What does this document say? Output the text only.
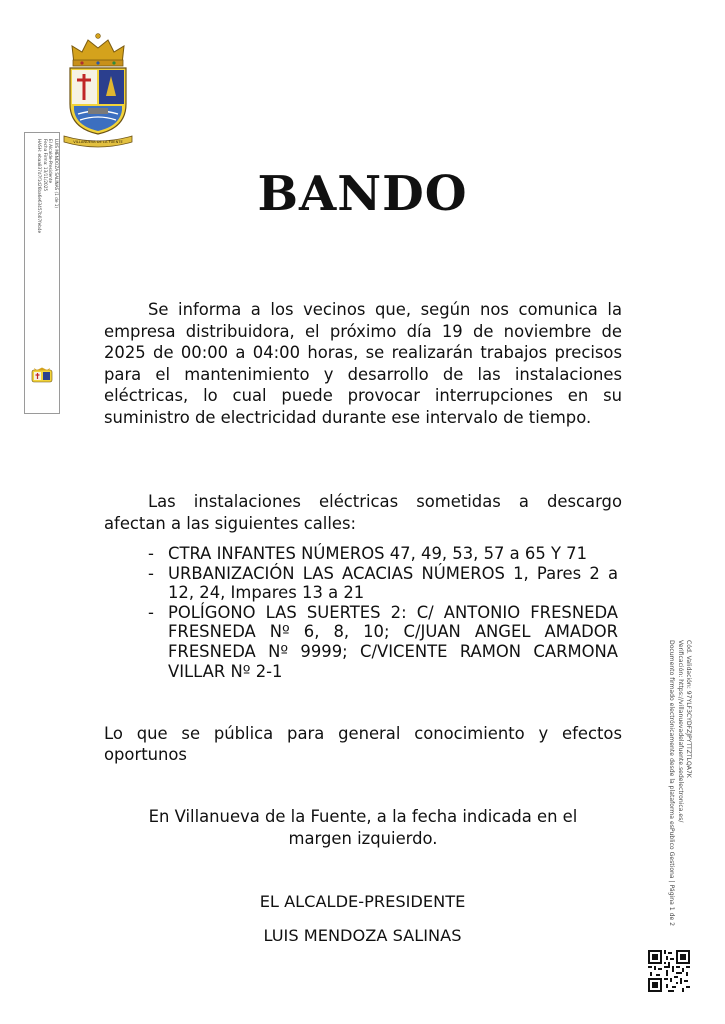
VILLANUEVA DE LA FUENTE
LUIS MENDOZA SALINAS (1 de 1)
El Alcalde-Presidente
Fecha Firma: 13/11/2025
HASH: ebaa837d7f1d26ba6e63457b07feb4e	BANDO
Se informa a los vecinos que, según nos comunica la empresa distribuidora, el próximo día 19 de noviembre de 2025 de 00:00 a 04:00 horas, se realizarán trabajos precisos para el mantenimiento y desarrollo de las instalaciones eléctricas, lo cual puede provocar interrupciones en su suministro de electricidad durante ese intervalo de tiempo.
Las instalaciones eléctricas sometidas a descargo afectan a las siguientes calles:
- CTRA INFANTES NÚMEROS 47, 49, 53, 57 a 65 Y 71
- URBANIZACIÓN LAS ACACIAS NÚMEROS 1, Pares 2 a 12, 24, Impares 13 a 21
- POLÍGONO LAS SUERTES 2: C/ ANTONIO FRESNEDA FRESNEDA Nº 6, 8, 10; C/JUAN ANGEL AMADOR FRESNEDA Nº 9999; C/VICENTE RAMON CARMONA VILLAR Nº 2-1
Lo que se pública para general conocimiento y efectos oportunos
En Villanueva de la Fuente, a la fecha indicada en el
margen izquierdo.
EL ALCALDE-PRESIDENTE
LUIS MENDOZA SALINAS
Cód. Validación: 97YLF3CYDFZJPYTTZTLQA7K
Verificación: https://villanuevadelafuente.sedelectronica.es/
Documento firmado electrónicamente desde la plataforma esPublico Gestiona | Página 1 de 2
